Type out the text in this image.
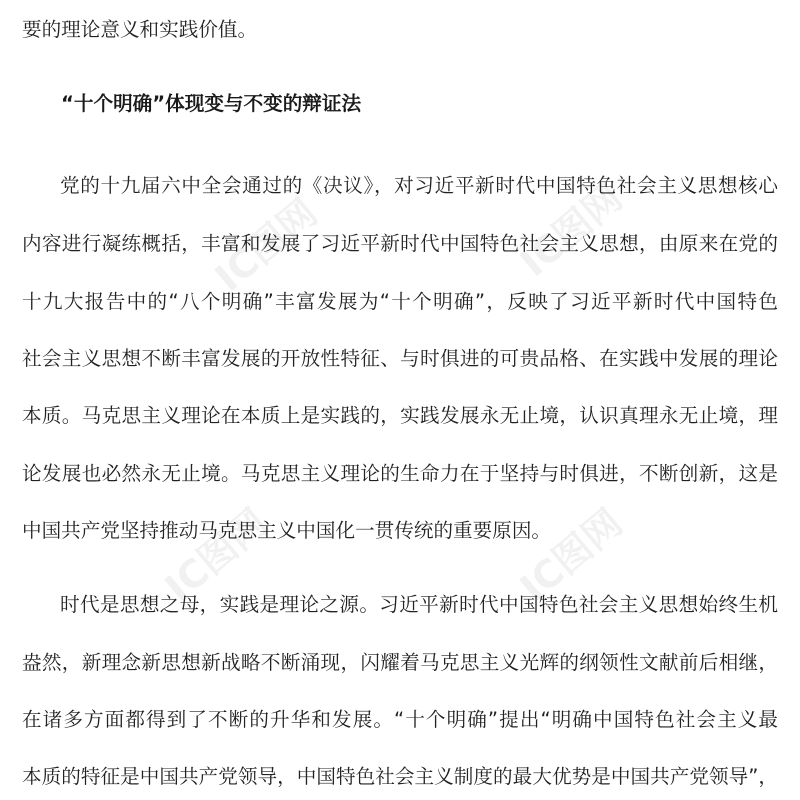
IC图网	IC图网
IC图网	IC图网
要的理论意义和实践价值。
“十个明确”体现变与不变的辩证法
党的十九届六中全会通过的《决议》，对习近平新时代中国特色社会主义思想核心
内容进行凝练概括，丰富和发展了习近平新时代中国特色社会主义思想，由原来在党的
十九大报告中的“八个明确”丰富发展为“十个明确”，反映了习近平新时代中国特色
社会主义思想不断丰富发展的开放性特征、与时俱进的可贵品格、在实践中发展的理论
本质。马克思主义理论在本质上是实践的，实践发展永无止境，认识真理永无止境，理
论发展也必然永无止境。马克思主义理论的生命力在于坚持与时俱进，不断创新，这是
中国共产党坚持推动马克思主义中国化一贯传统的重要原因。
时代是思想之母，实践是理论之源。习近平新时代中国特色社会主义思想始终生机
盎然，新理念新思想新战略不断涌现，闪耀着马克思主义光辉的纲领性文献前后相继，
在诸多方面都得到了不断的升华和发展。“十个明确”提出“明确中国特色社会主义最
本质的特征是中国共产党领导，中国特色社会主义制度的最大优势是中国共产党领导”，
